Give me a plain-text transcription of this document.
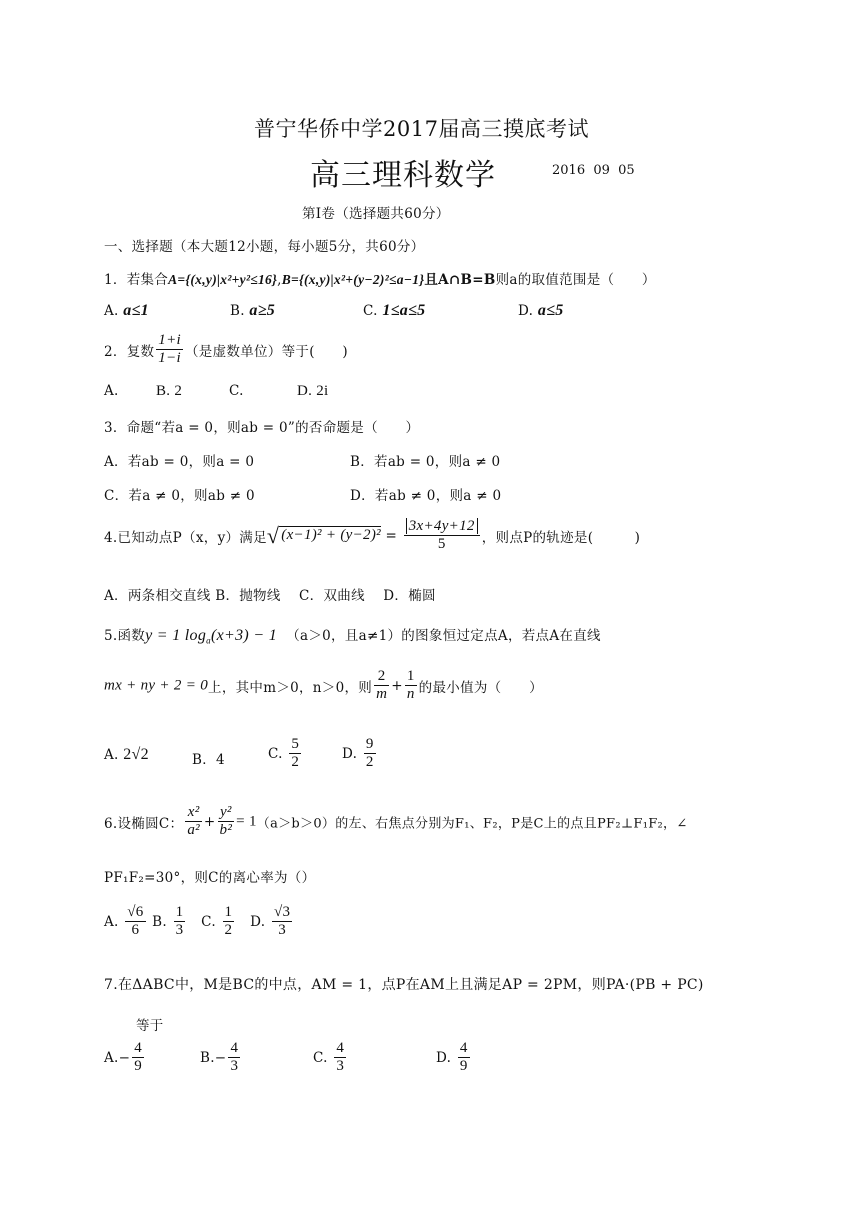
普宁华侨中学2017届高三摸底考试
高三理科数学	2016  09  05
第Ⅰ卷（选择题共60分）
一、选择题（本大题12小题，每小题5分，共60分）
1．若集合A={(x,y)|x²+y²≤16},B={(x,y)|x²+(y−2)²≤a−1}且A∩B=B则a的取值范围是（　　）
A. a≤1	B. a≥5	C. 1≤a≤5	D. a≤5
2．复数 $\frac{1+i}{1-i}$ （是虚数单位）等于(　　)
A. B. 2	C.	D. 2i
3．命题“若a = 0，则ab = 0”的否命题是（　　）
A．若ab = 0，则a = 0	B．若ab = 0，则a ≠ 0
C．若a ≠ 0，则ab ≠ 0	D．若ab ≠ 0，则a ≠ 0
4.已知动点P（x，y）满足√ $(x-1)^2 + (y-2)^2 = \frac{3x+4y+12}{5}$ ，则点P的轨迹是(　　　)
A．两条相交直线 B．抛物线　 C．双曲线　 D．椭圆
5.函数y = 1 $\log_a(x+3) - 1$ （a＞0，且a≠1）的图象恒过定点A，若点A在直线
mx + ny + 2 = 0上，其中m＞0，n＞0，则 $\frac{2}{m} + \frac{1}{n}$ 的最小值为（　　）
A. 2√2	B．4	C. $\frac{5}{2}$	D. $\frac{9}{2}$
6.设椭圆C： $\frac{\text{x²}}{\text{a²}} + \frac{\text{y²}}{\text{b²}} = 1(a>b>0)$的左、右焦点分别为F₁、F₂，P是C上的点且PF₂⊥F₁F₂，∠
PF₁F₂=30°，则C的离心率为（）
A. $\frac{√6}{6} B$. $\frac{1}{3} C$. $\frac{1}{2} D$. $\frac{√3}{3}$
7.在ΔABC中，M是BC的中点，AM = 1，点P在AM上且满足AP = 2PM，则PA·(PB + PC)
等于
$A.- \frac{4}{9}$	$B.- \frac{4}{3}$	C. $\frac{4}{3}$	D. $\frac{4}{9}$
